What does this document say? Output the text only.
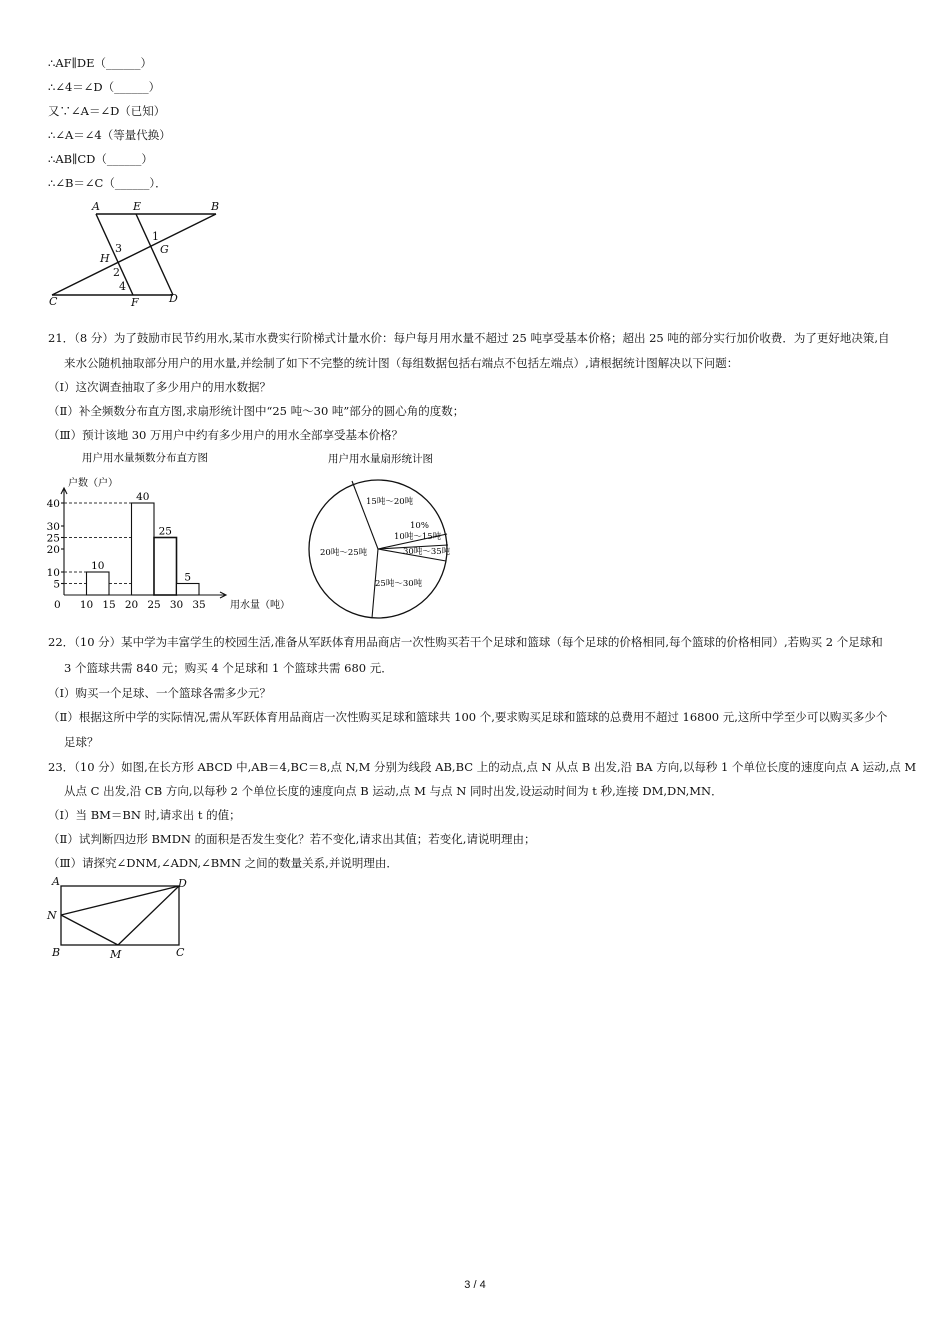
∴AF∥DE（______）
∴∠4＝∠D（______）
又∵∠A＝∠D（已知）
∴∠A＝∠4（等量代换）
∴AB∥CD（______）
∴∠B＝∠C（______）．
A	E	B
1
G
3
H
2
4
C	F	D
21．（8 分）为了鼓励市民节约用水,某市水费实行阶梯式计量水价：每户每月用水量不超过 25 吨享受基本价格；超出 25 吨的部分实行加价收费．为了更好地决策,自
来水公随机抽取部分用户的用水量,并绘制了如下不完整的统计图（每组数据包括右端点不包括左端点）,请根据统计图解决以下问题：
（Ⅰ）这次调查抽取了多少用户的用水数据？
（Ⅱ）补全频数分布直方图,求扇形统计图中“25 吨～30 吨”部分的圆心角的度数；
（Ⅲ）预计该地 30 万用户中约有多少用户的用水全部享受基本价格？
用户用水量频数分布直方图
户数（户）
用水量（吨）
5
10
20
25
30
40
0 10 15 20 25 30 35
10
40
25
5
用户用水量扇形统计图
15吨～20吨
10%
10吨～15吨
30吨～35吨
25吨～30吨
20吨～25吨
22．（10 分）某中学为丰富学生的校园生活,准备从军跃体育用品商店一次性购买若干个足球和篮球（每个足球的价格相同,每个篮球的价格相同）,若购买 2 个足球和
3 个篮球共需 840 元；购买 4 个足球和 1 个篮球共需 680 元．
（Ⅰ）购买一个足球、一个篮球各需多少元？
（Ⅱ）根据这所中学的实际情况,需从军跃体育用品商店一次性购买足球和篮球共 100 个,要求购买足球和篮球的总费用不超过 16800 元,这所中学至少可以购买多少个
足球？
23．（10 分）如图,在长方形 ABCD 中,AB＝4,BC＝8,点 N,M 分别为线段 AB,BC 上的动点,点 N 从点 B 出发,沿 BA 方向,以每秒 1 个单位长度的速度向点 A 运动,点 M
从点 C 出发,沿 CB 方向,以每秒 2 个单位长度的速度向点 B 运动,点 M 与点 N 同时出发,设运动时间为 t 秒,连接 DM,DN,MN．
（Ⅰ）当 BM＝BN 时,请求出 t 的值；
（Ⅱ）试判断四边形 BMDN 的面积是否发生变化？若不变化,请求出其值；若变化,请说明理由；
（Ⅲ）请探究∠DNM,∠ADN,∠BMN 之间的数量关系,并说明理由．
A	D
N
B	M	C
3 / 4
